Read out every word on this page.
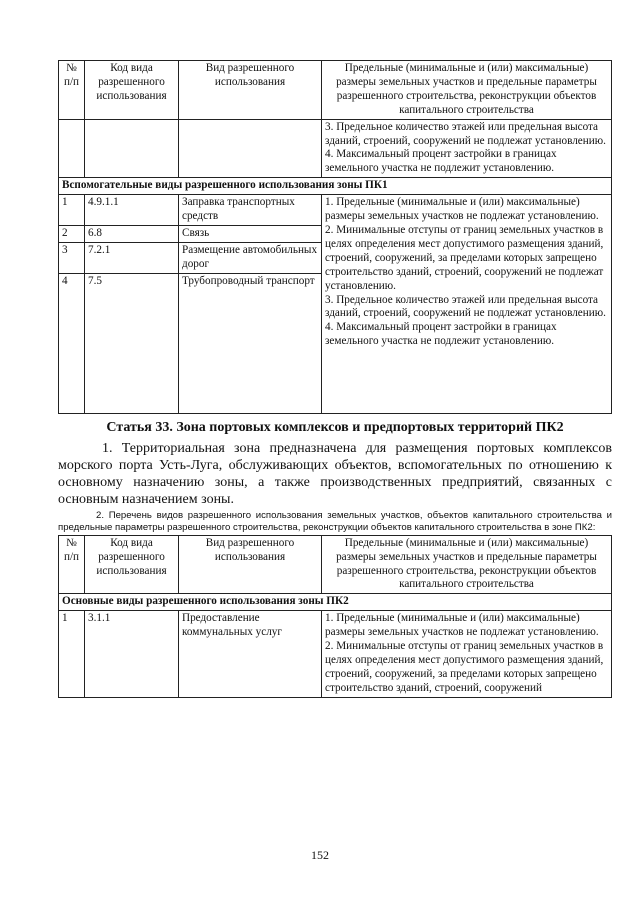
№ п/п	Код вида разрешенного использования	Вид разрешенного использования	Предельные (минимальные и (или) максимальные) размеры земельных участков и предельные параметры разрешенного строительства, реконструкции объектов капитального строительства

			3. Предельное количество этажей или предельная высота зданий, строений, сооружений не подлежат установлению.
4. Максимальный процент застройки в границах земельного участка не подлежит установлению.

Вспомогательные виды разрешенного использования зоны ПК1			
1	4.9.1.1	Заправка транспортных средств	1. Предельные (минимальные и (или) максимальные) размеры земельных участков не подлежат установлению.
2. Минимальные отступы от границ земельных участков в целях определения мест допустимого размещения зданий, строений, сооружений, за пределами которых запрещено строительство зданий, строений, сооружений не подлежат установлению.
3. Предельное количество этажей или предельная высота зданий, строений, сооружений не подлежат установлению.
4. Максимальный процент застройки в границах земельного участка не подлежит установлению.

2	6.8	Связь	
3	7.2.1	Размещение автомобильных дорог	
4	7.5	Трубопроводный транспорт	

Статья 33. Зона портовых комплексов и предпортовых территорий ПК2

1. Территориальная зона предназначена для размещения портовых комплексов морского порта Усть-Луга, обслуживающих объектов, вспомогательных по отношению к основному назначению зоны, а также производственных предприятий, связанных с основным назначением зоны.

2. Перечень видов разрешенного использования земельных участков, объектов капитального строительства и предельные параметры разрешенного строительства, реконструкции объектов капитального строительства в зоне ПК2:

№ п/п	Код вида разрешенного использования	Вид разрешенного использования	Предельные (минимальные и (или) максимальные) размеры земельных участков и предельные параметры разрешенного строительства, реконструкции объектов капитального строительства
Основные виды разрешенного использования зоны ПК2			
1	3.1.1	Предоставление коммунальных услуг	1. Предельные (минимальные и (или) максимальные) размеры земельных участков не подлежат установлению.
2. Минимальные отступы от границ земельных участков в целях определения мест допустимого размещения зданий, строений, сооружений, за пределами которых запрещено строительство зданий, строений, сооружений
152
